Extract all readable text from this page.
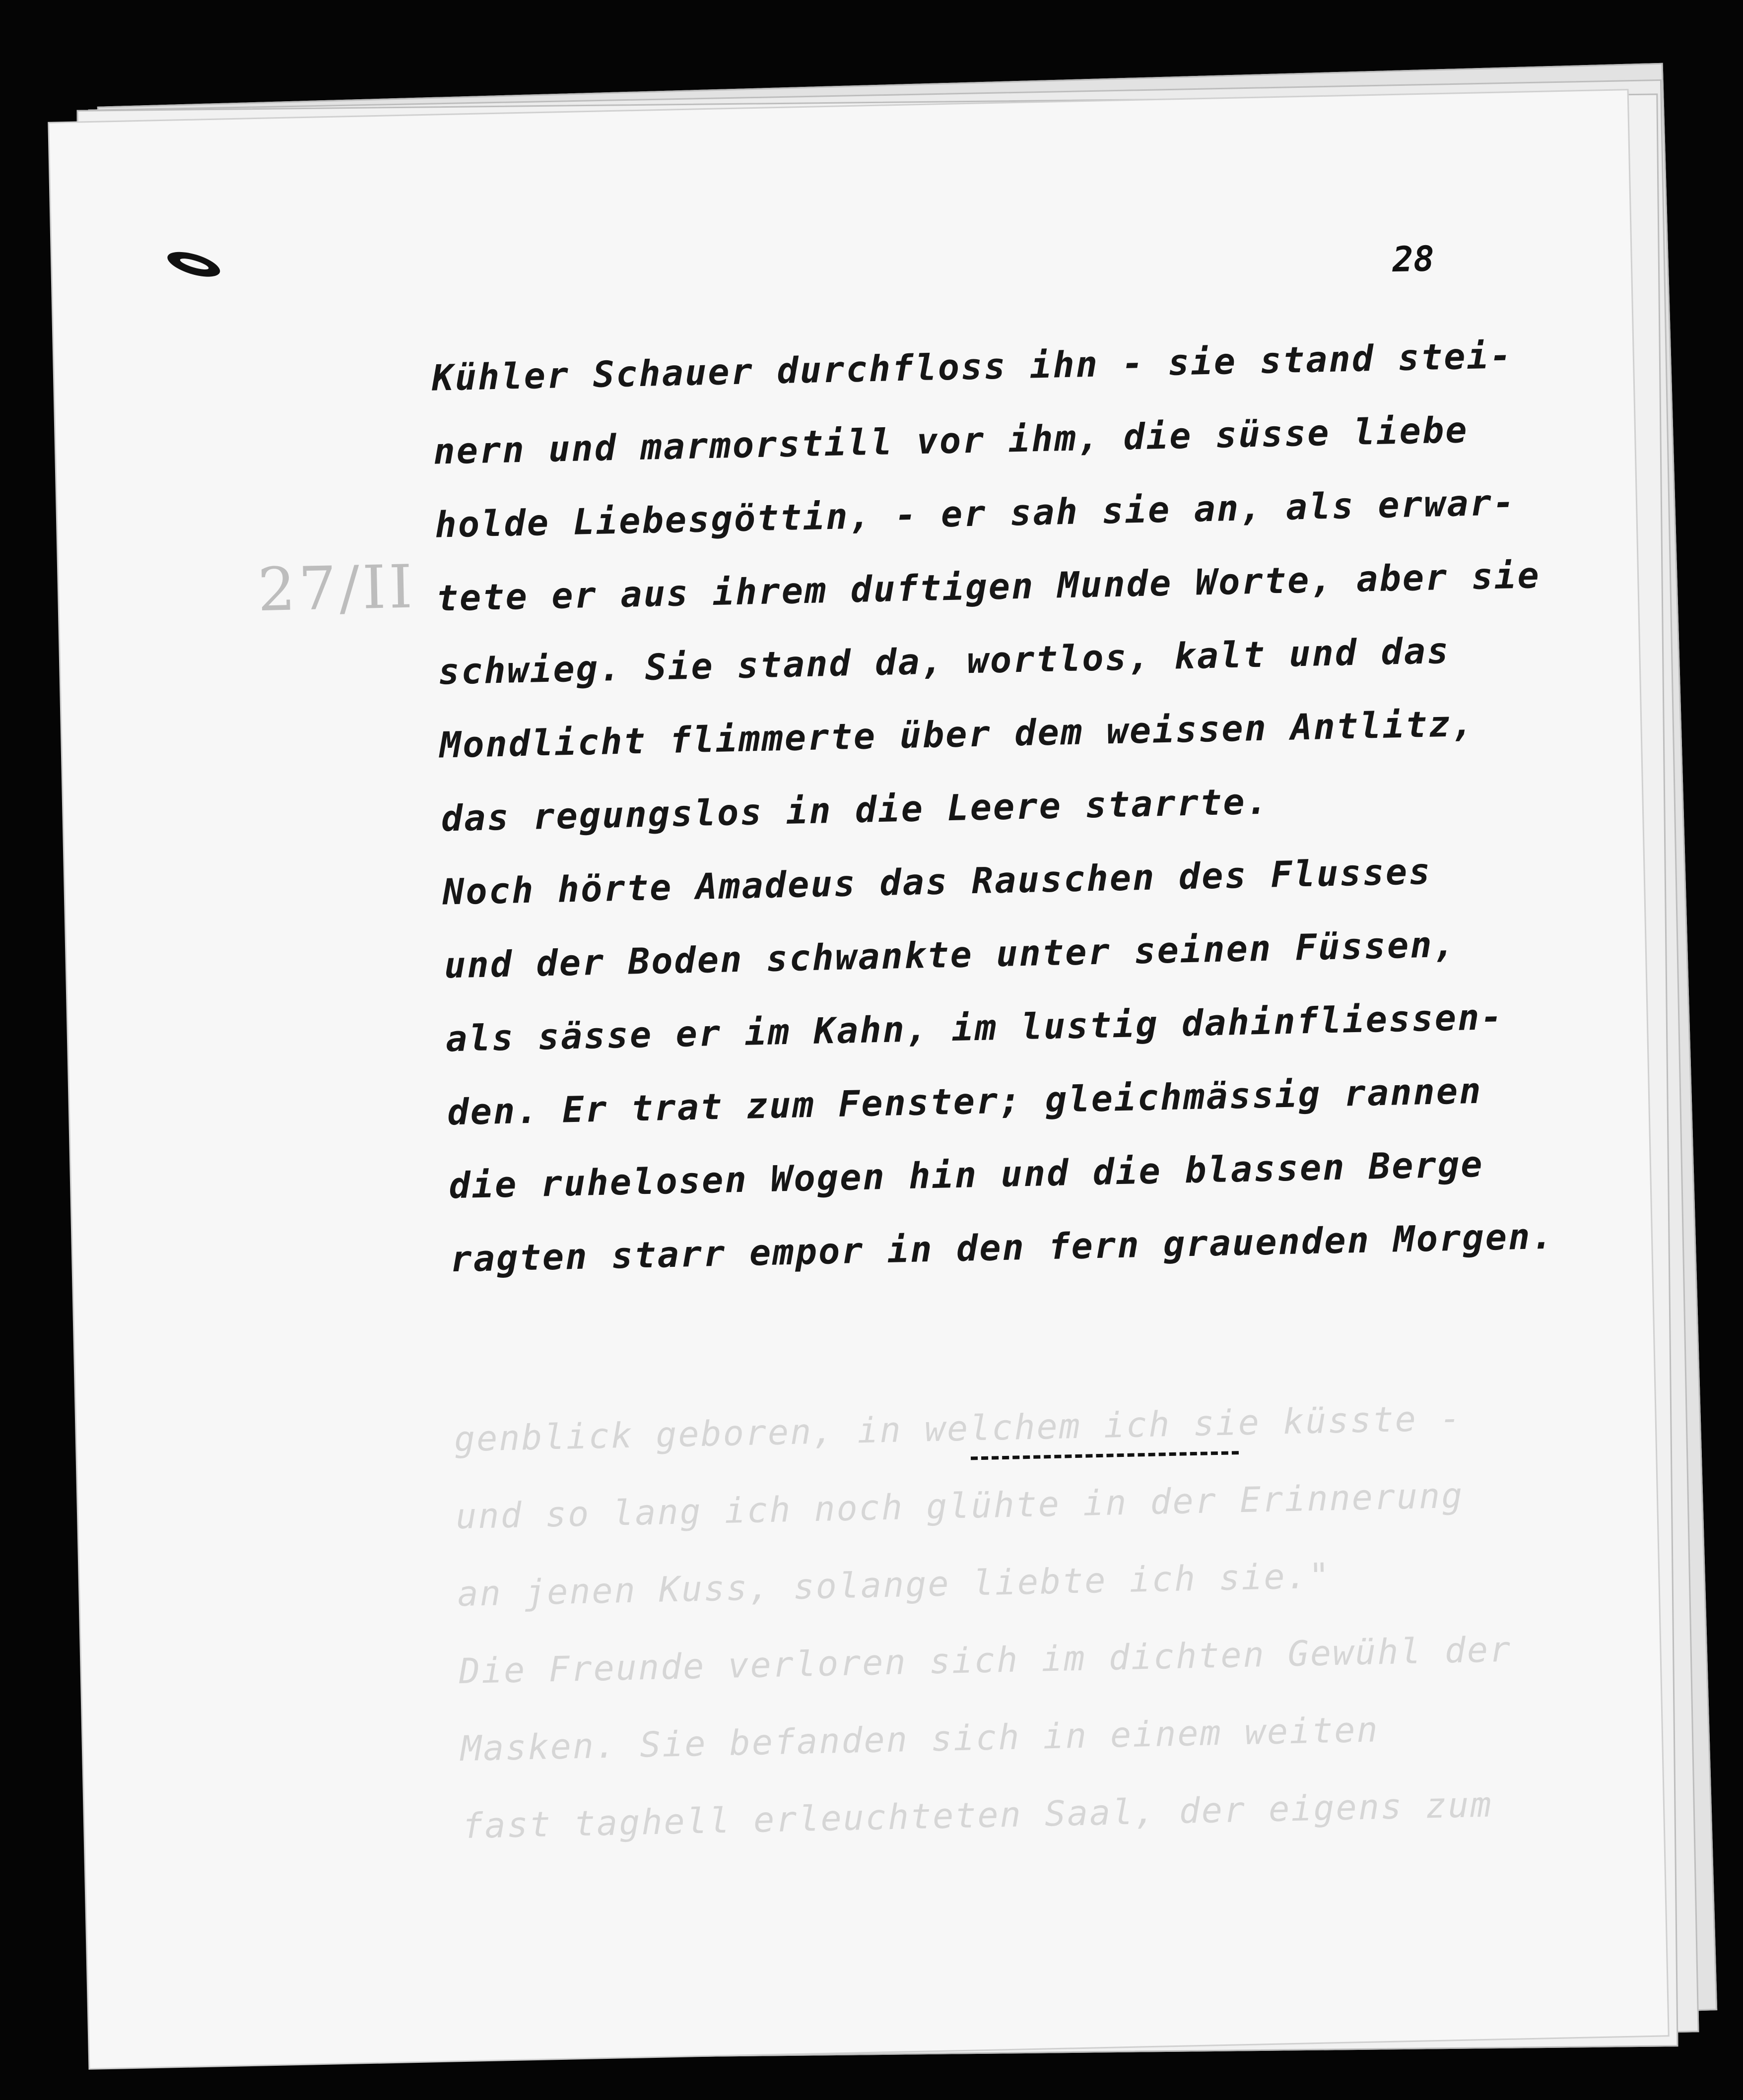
28
27/II
genblick geboren, in welchem ich sie küsste -
und so lang ich noch glühte in der Erinnerung
an jenen Kuss, solange liebte ich sie."
Die Freunde verloren sich im dichten Gewühl der
Masken. Sie befanden sich in einem weiten
fast taghell erleuchteten Saal, der eigens zum
Kühler Schauer durchfloss ihn - sie stand stei-
nern und marmorstill vor ihm, die süsse liebe
holde Liebesgöttin, - er sah sie an, als erwar-
tete er aus ihrem duftigen Munde Worte, aber sie
schwieg. Sie stand da, wortlos, kalt und das
Mondlicht flimmerte über dem weissen Antlitz,
das regungslos in die Leere starrte.
Noch hörte Amadeus das Rauschen des Flusses
und der Boden schwankte unter seinen Füssen,
als sässe er im Kahn, im lustig dahinfliessen-
den. Er trat zum Fenster; gleichmässig rannen
die ruhelosen Wogen hin und die blassen Berge
ragten starr empor in den fern grauenden Morgen.
